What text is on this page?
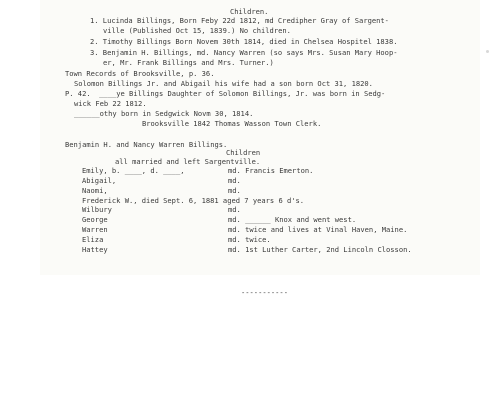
Children.

1. Lucinda Billings, Born Feby 22d 1812, md Credipher Gray of Sargent-

ville (Published Oct 15, 1839.) No children.

2. Timothy Billings Born Novem 30th 1814, died in Chelsea Hospitel 1838.

3. Benjamin H. Billings, md. Nancy Warren (so says Mrs. Susan Mary Hoop-

er, Mr. Frank Billings and Mrs. Turner.)

Town Records of Brooksville, p. 36.

Solomon Billings Jr. and Abigail his wife had a son born Oct 31, 1820.

P. 42.  ____ye Billings Daughter of Solomon Billings, Jr. was born in Sedg-

wick Feb 22 1812.

______othy born in Sedgwick Novm 30, 1814.

Brooksville 1842 Thomas Wasson Town Clerk.

Benjamin H. and Nancy Warren Billings.

Children

all married and left Sargentville.

Emily, b. ____, d. ____,	md. Francis Emerton.

Abigail,	md.

Naomi,	md.

Frederick W., died Sept. 6, 1881 aged 7 years 6 d's.

Wilbury	md.

George	md. ______ Knox and went west.

Warren	md. twice and lives at Vinal Haven, Maine.

Eliza	md. twice.

Hattey	md. 1st Luther Carter, 2nd Lincoln Closson.

-----------
